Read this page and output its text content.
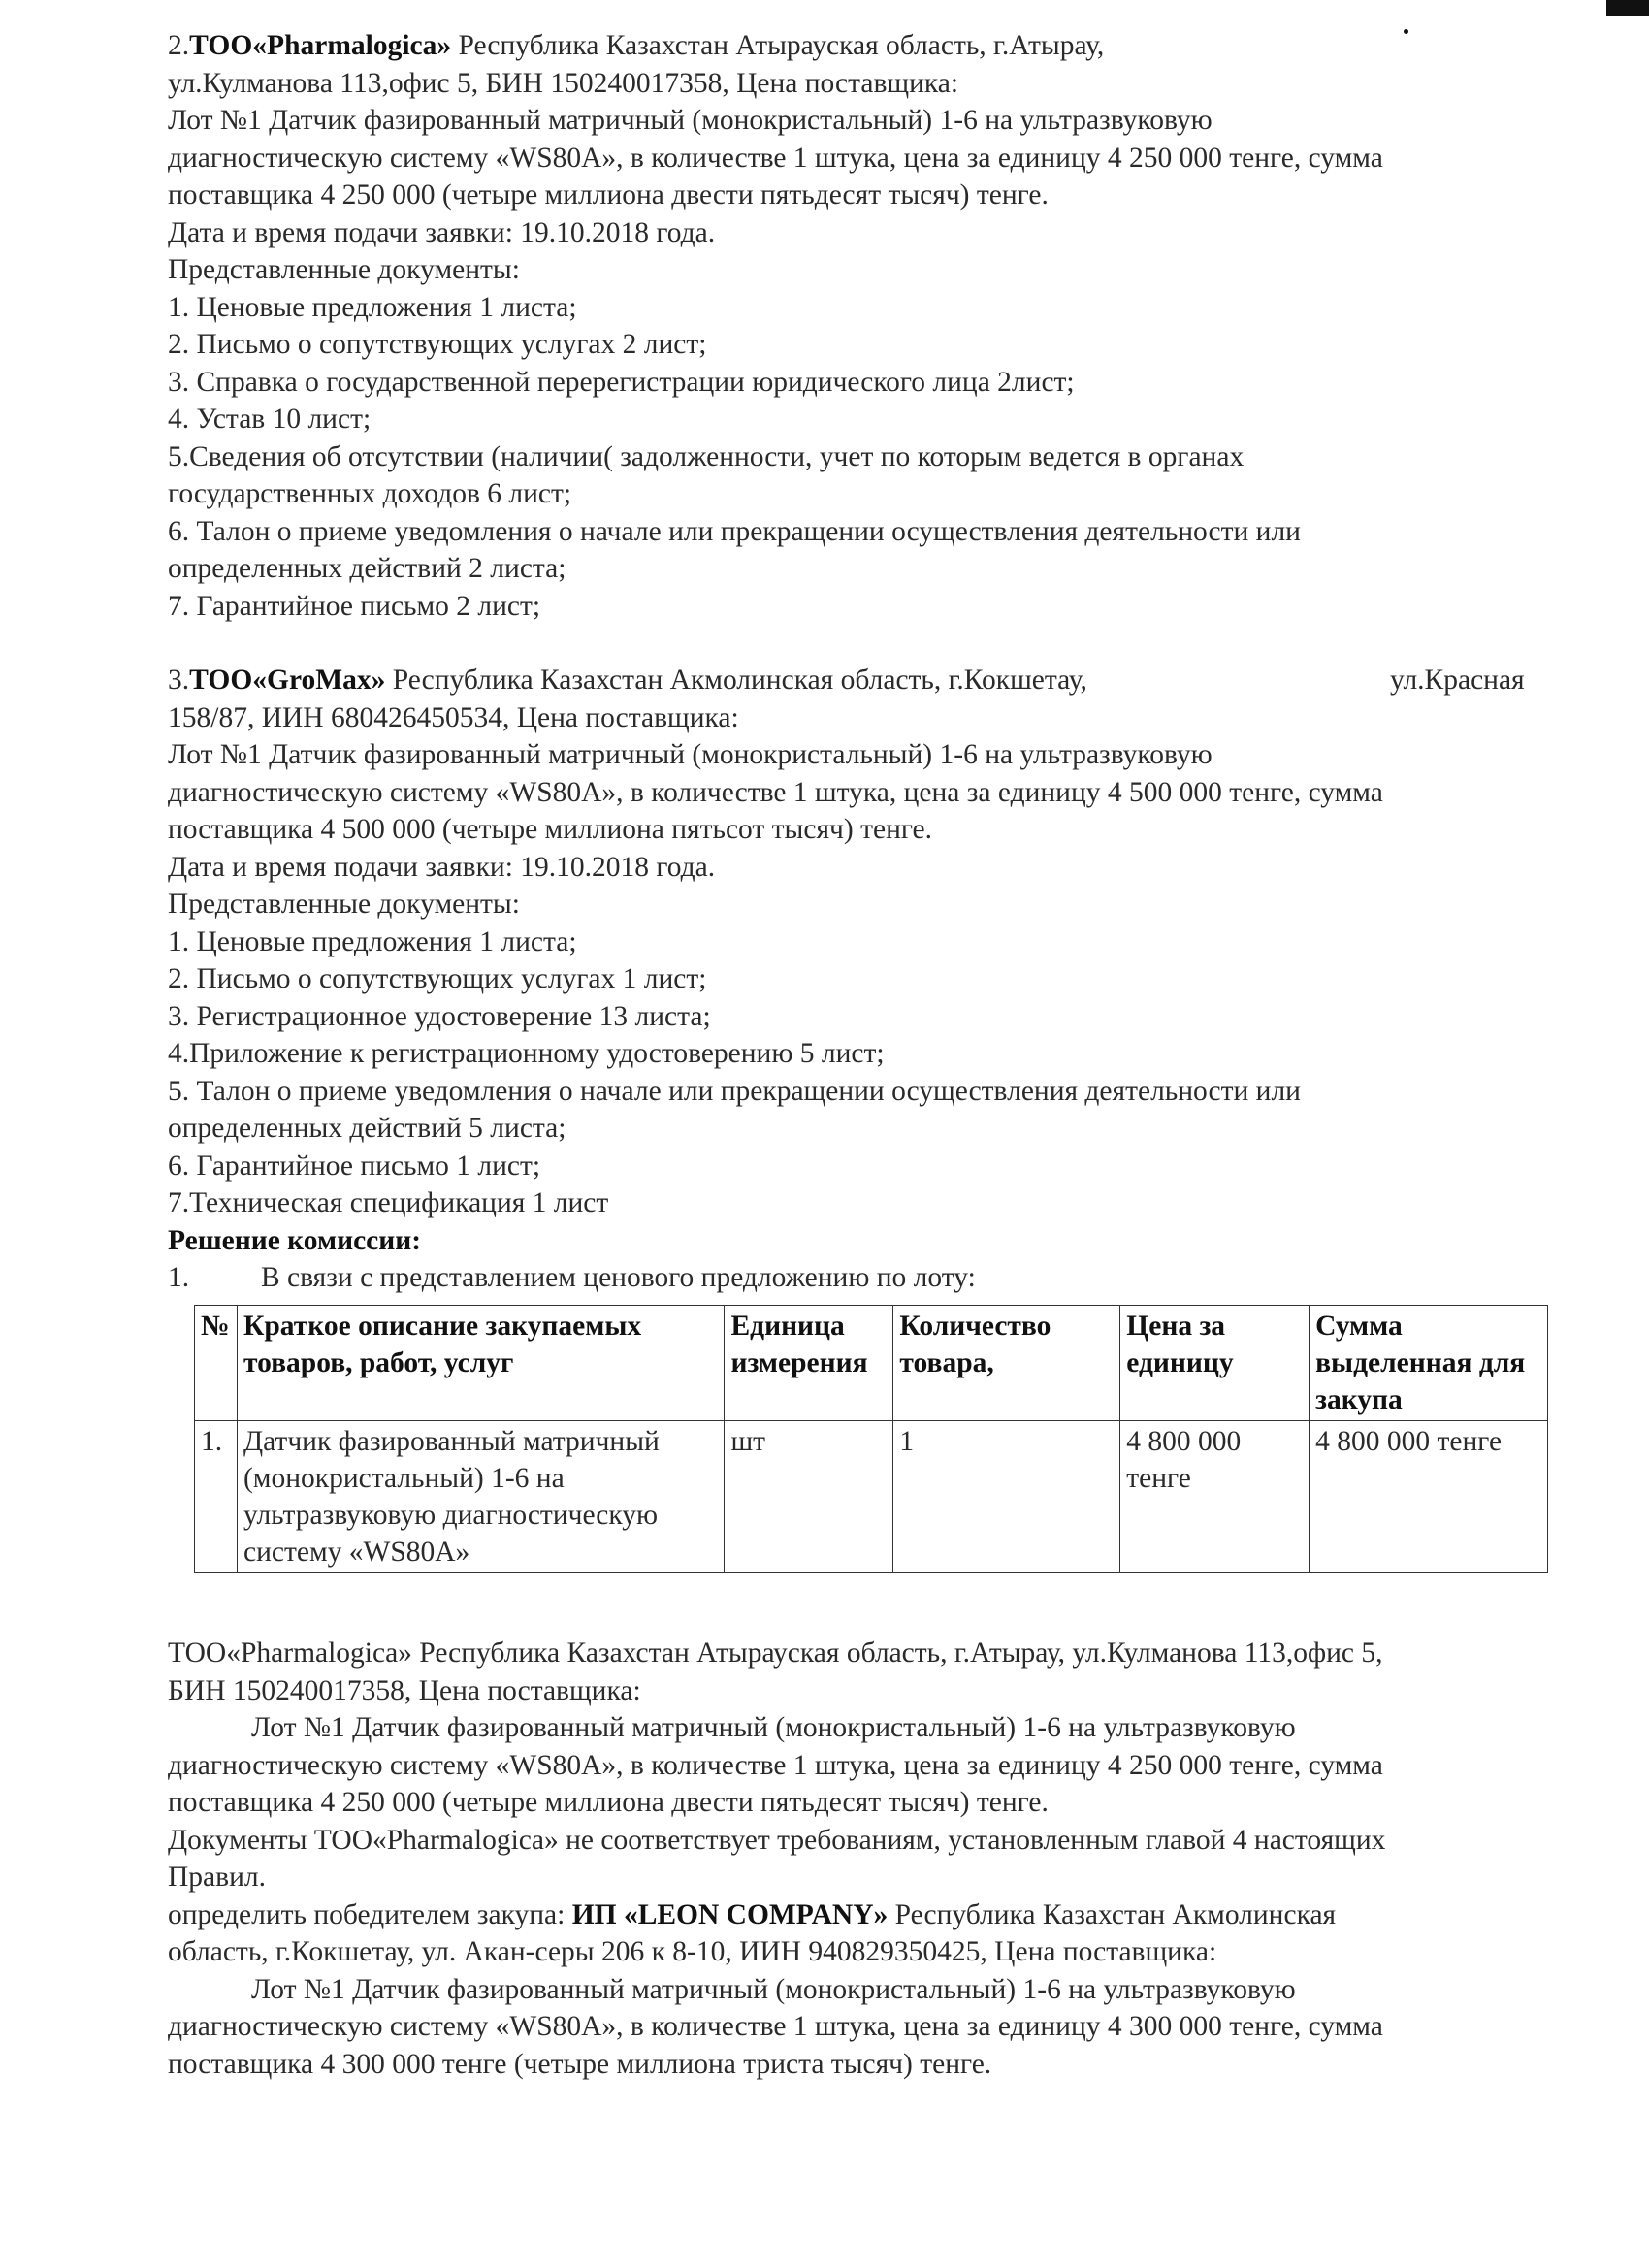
2.ТОО«Pharmalogica» Республика Казахстан Атырауская область, г.Атырау,

ул.Кулманова 113,офис 5, БИН 150240017358, Цена поставщика:

Лот №1 Датчик фазированный матричный (монокристальный) 1-6 на ультразвуковую

диагностическую систему «WS80A», в количестве 1 штука, цена за единицу 4 250 000 тенге, сумма

поставщика 4 250 000 (четыре миллиона двести пятьдесят тысяч) тенге.

Дата и время подачи заявки: 19.10.2018 года.

Представленные документы:

1. Ценовые предложения 1 листа;

2. Письмо о сопутствующих услугах 2 лист;

3. Справка о государственной перерегистрации юридического лица 2лист;

4. Устав 10 лист;

5.Сведения об отсутствии (наличии( задолженности, учет по которым ведется в органах

государственных доходов 6 лист;

6. Талон о приеме уведомления о начале или прекращении осуществления деятельности или

определенных действий 2 листа;

7. Гарантийное письмо 2 лист;

3.ТОО«GroMax» Республика Казахстан Акмолинская область, г.Кокшетау,	ул.Красная

158/87, ИИН 680426450534, Цена поставщика:

Лот №1 Датчик фазированный матричный (монокристальный) 1-6 на ультразвуковую

диагностическую систему «WS80A», в количестве 1 штука, цена за единицу 4 500 000 тенге, сумма

поставщика 4 500 000 (четыре миллиона пятьсот тысяч) тенге.

Дата и время подачи заявки: 19.10.2018 года.

Представленные документы:

1. Ценовые предложения 1 листа;

2. Письмо о сопутствующих услугах 1 лист;

3. Регистрационное удостоверение 13 листа;

4.Приложение к регистрационному удостоверению 5 лист;

5. Талон о приеме уведомления о начале или прекращении осуществления деятельности или

определенных действий 5 листа;

6. Гарантийное письмо 1 лист;

7.Техническая спецификация 1 лист

Решение комиссии:

1.	В связи с представлением ценового предложению по лоту:

№	Краткое описание закупаемых товаров, работ, услуг	Единица измерения	Количество товара,	Цена за единицу	Сумма выделенная для закупа
1.	Датчик фазированный матричный (монокристальный) 1-6 на ультразвуковую диагностическую систему «WS80A»	шт	1	4 800 000 тенге	4 800 000 тенге

ТОО«Pharmalogica» Республика Казахстан Атырауская область, г.Атырау, ул.Кулманова 113,офис 5,

БИН 150240017358, Цена поставщика:

Лот №1 Датчик фазированный матричный (монокристальный) 1-6 на ультразвуковую

диагностическую систему «WS80A», в количестве 1 штука, цена за единицу 4 250 000 тенге, сумма

поставщика 4 250 000 (четыре миллиона двести пятьдесят тысяч) тенге.

Документы ТОО«Pharmalogica» не соответствует требованиям, установленным главой 4 настоящих

Правил.

определить победителем закупа: ИП «LEON COMPANY» Республика Казахстан Акмолинская

область, г.Кокшетау, ул. Акан-серы 206 к 8-10, ИИН 940829350425, Цена поставщика:

Лот №1 Датчик фазированный матричный (монокристальный) 1-6 на ультразвуковую

диагностическую систему «WS80A», в количестве 1 штука, цена за единицу 4 300 000 тенге, сумма

поставщика 4 300 000 тенге (четыре миллиона триста тысяч) тенге.
